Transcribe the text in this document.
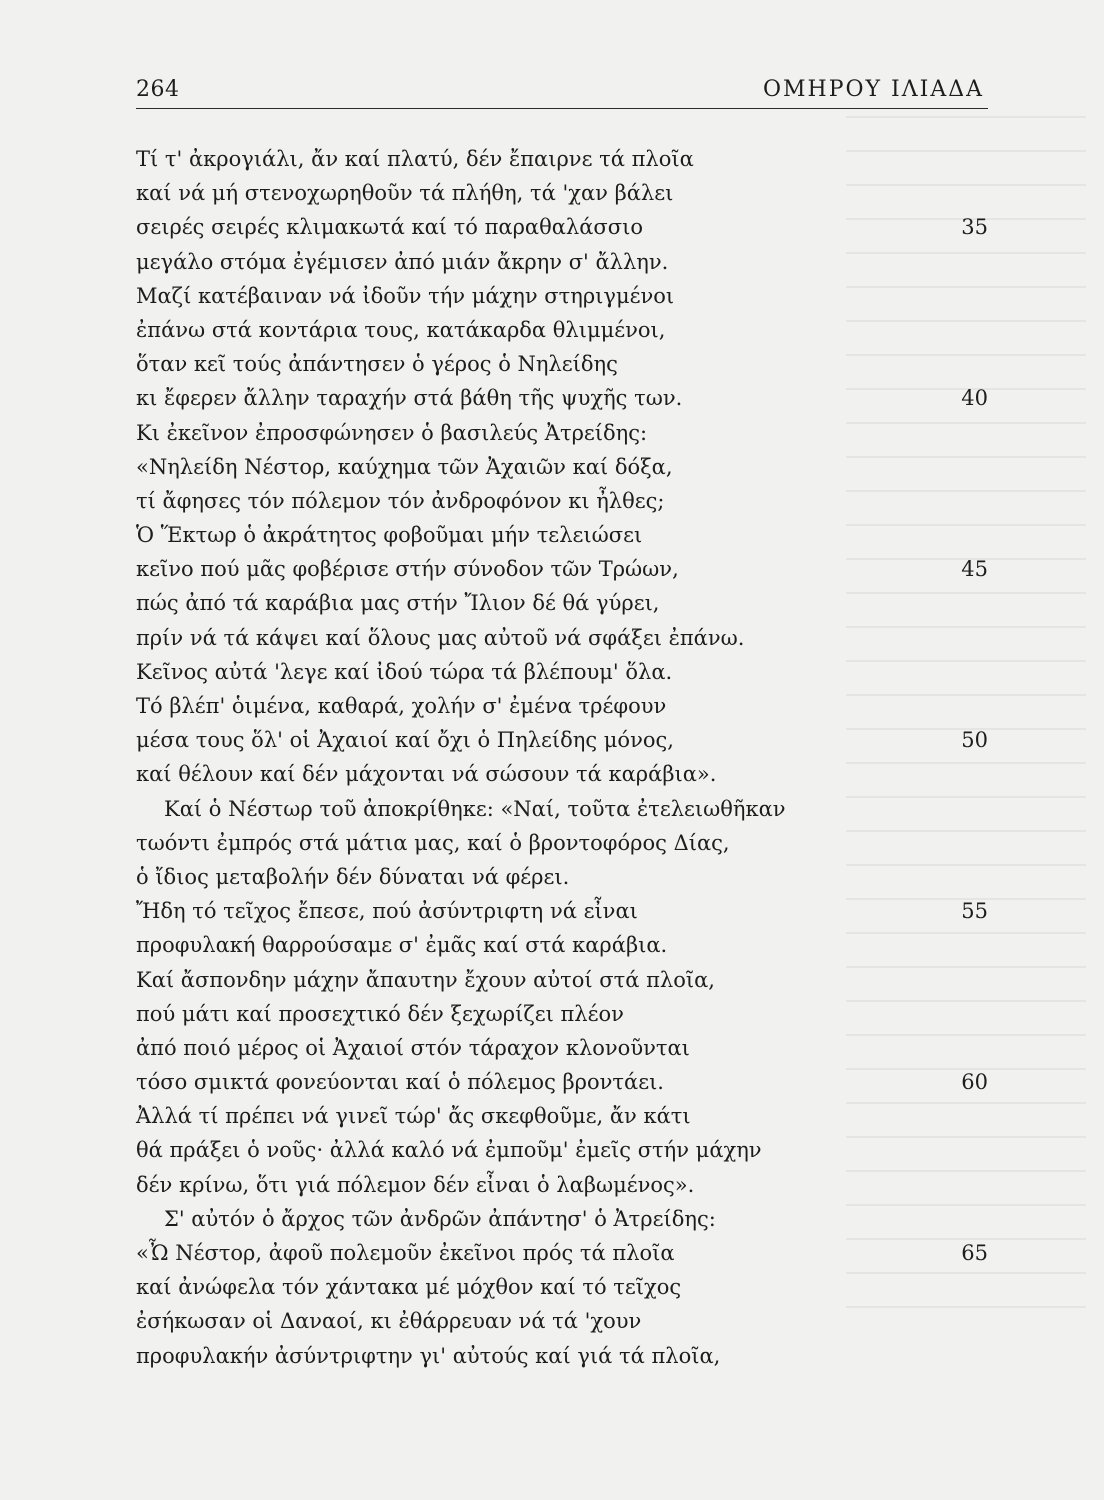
264	ΟΜΗΡΟΥ ΙΛΙΑΔΑ
Τί τ' ἀκρογιάλι, ἄν καί πλατύ, δέν ἔπαιρνε τά πλοῖα
καί νά μή στενοχωρηθοῦν τά πλήθη, τά 'χαν βάλει
σειρές σειρές κλιμακωτά καί τό παραθαλάσσιο	35
μεγάλο στόμα ἐγέμισεν ἀπό μιάν ἄκρην σ' ἄλλην.
Μαζί κατέβαιναν νά ἰδοῦν τήν μάχην στηριγμένοι
ἐπάνω στά κοντάρια τους, κατάκαρδα θλιμμένοι,
ὅταν κεῖ τούς ἀπάντησεν ὁ γέρος ὁ Νηλείδης
κι ἔφερεν ἄλλην ταραχήν στά βάθη τῆς ψυχῆς των.	40
Κι ἐκεῖνον ἐπροσφώνησεν ὁ βασιλεύς Ἀτρείδης:
«Νηλείδη Νέστορ, καύχημα τῶν Ἀχαιῶν καί δόξα,
τί ἄφησες τόν πόλεμον τόν ἀνδροφόνον κι ἦλθες;
Ὁ Ἕκτωρ ὁ ἀκράτητος φοβοῦμαι μήν τελειώσει
κεῖνο πού μᾶς φοβέρισε στήν σύνοδον τῶν Τρώων,	45
πώς ἀπό τά καράβια μας στήν Ἴλιον δέ θά γύρει,
πρίν νά τά κάψει καί ὅλους μας αὐτοῦ νά σφάξει ἐπάνω.
Κεῖνος αὐτά 'λεγε καί ἰδού τώρα τά βλέπουμ' ὅλα.
Τό βλέπ' ὁιμένα, καθαρά, χολήν σ' ἐμένα τρέφουν
μέσα τους ὅλ' οἱ Ἀχαιοί καί ὄχι ὁ Πηλείδης μόνος,	50
καί θέλουν καί δέν μάχονται νά σώσουν τά καράβια».
Καί ὁ Νέστωρ τοῦ ἀποκρίθηκε: «Ναί, τοῦτα ἐτελειωθῆκαν
τωόντι ἐμπρός στά μάτια μας, καί ὁ βροντοφόρος Δίας,
ὁ ἴδιος μεταβολήν δέν δύναται νά φέρει.
Ἤδη τό τεῖχος ἔπεσε, πού ἀσύντριφτη νά εἶναι	55
προφυλακή θαρρούσαμε σ' ἐμᾶς καί στά καράβια.
Καί ἄσπονδην μάχην ἄπαυτην ἔχουν αὐτοί στά πλοῖα,
πού μάτι καί προσεχτικό δέν ξεχωρίζει πλέον
ἀπό ποιό μέρος οἱ Ἀχαιοί στόν τάραχον κλονοῦνται
τόσο σμικτά φονεύονται καί ὁ πόλεμος βροντάει.	60
Ἀλλά τί πρέπει νά γινεῖ τώρ' ἄς σκεφθοῦμε, ἄν κάτι
θά πράξει ὁ νοῦς· ἀλλά καλό νά ἐμποῦμ' ἐμεῖς στήν μάχην
δέν κρίνω, ὅτι γιά πόλεμον δέν εἶναι ὁ λαβωμένος».
Σ' αὐτόν ὁ ἄρχος τῶν ἀνδρῶν ἀπάντησ' ὁ Ἀτρείδης:
«Ὦ Νέστορ, ἀφοῦ πολεμοῦν ἐκεῖνοι πρός τά πλοῖα	65
καί ἀνώφελα τόν χάντακα μέ μόχθον καί τό τεῖχος
ἐσήκωσαν οἱ Δαναοί, κι ἐθάρρευαν νά τά 'χουν
προφυλακήν ἀσύντριφτην γι' αὐτούς καί γιά τά πλοῖα,
